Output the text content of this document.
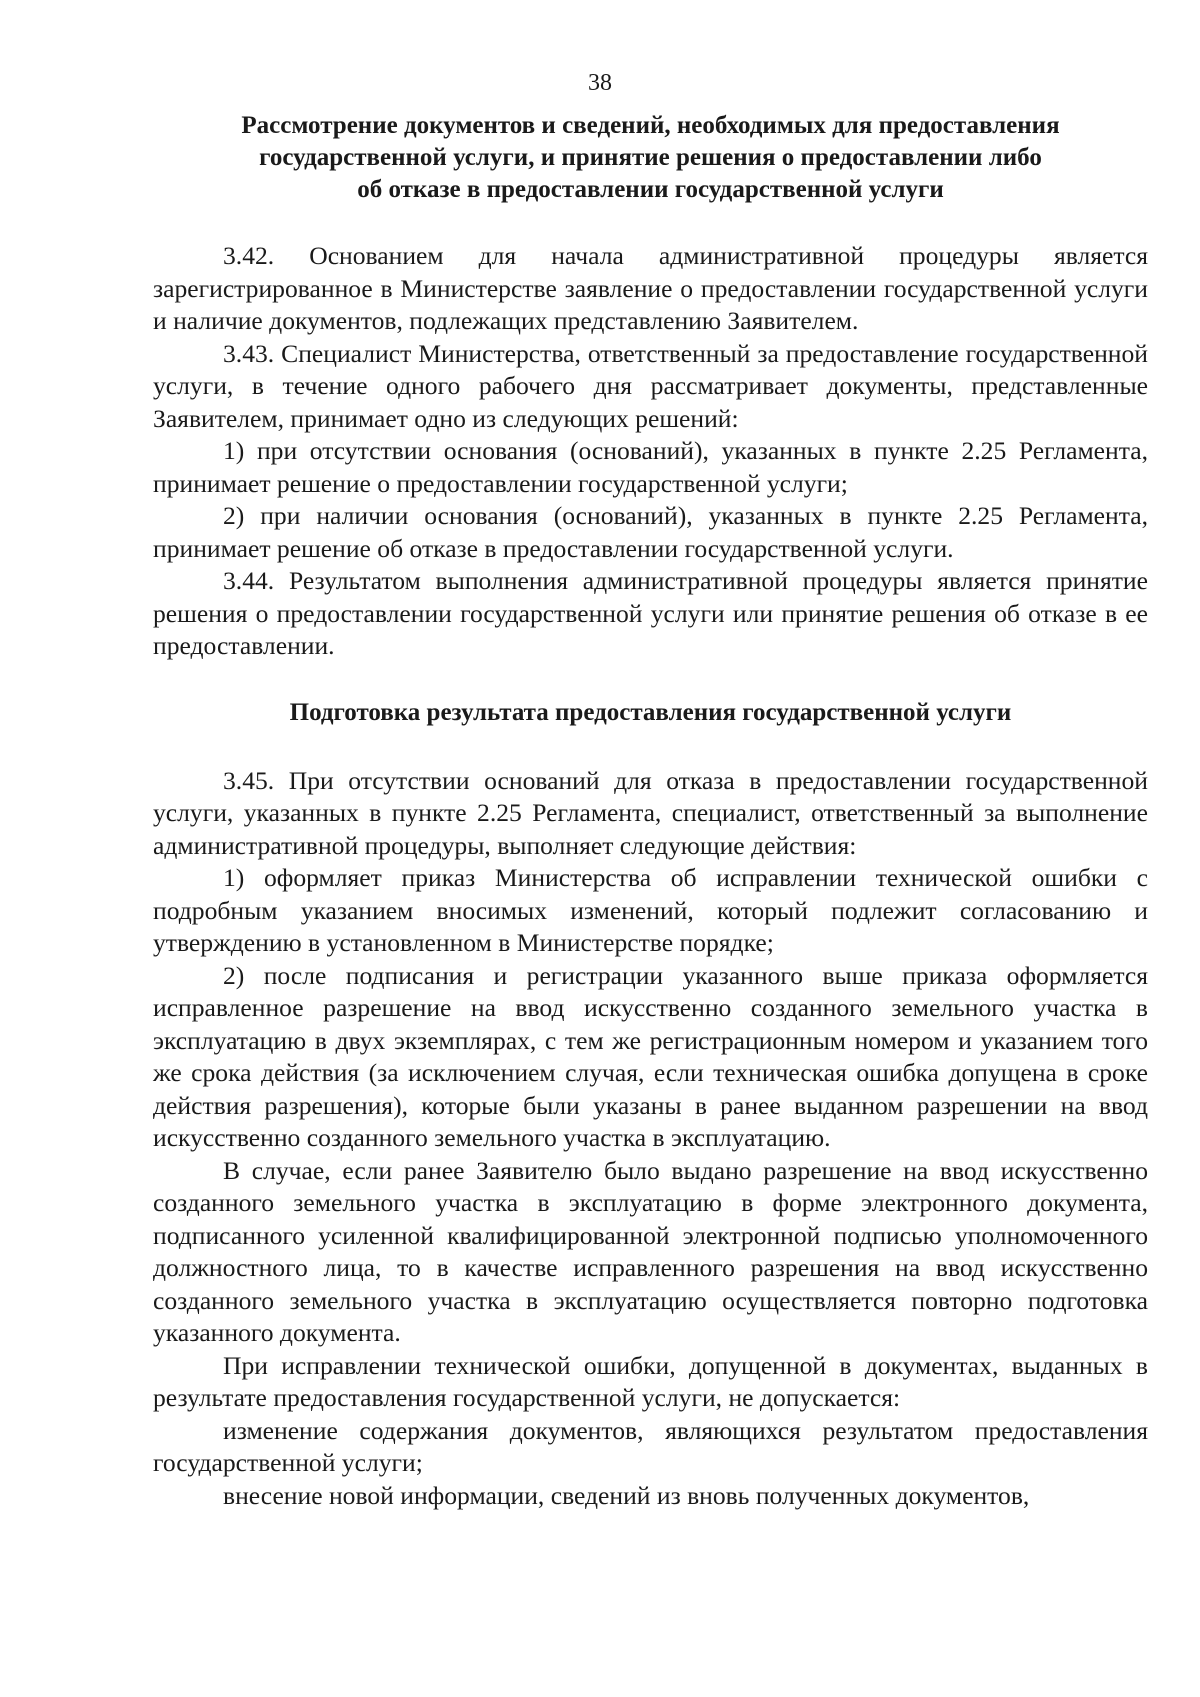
38
Рассмотрение документов и сведений, необходимых для предоставления
государственной услуги, и принятие решения о предоставлении либо
об отказе в предоставлении государственной услуги

3.42. Основанием для начала административной процедуры является зарегистрированное в Министерстве заявление о предоставлении государственной услуги и наличие документов, подлежащих представлению Заявителем.

3.43. Специалист Министерства, ответственный за предоставление государственной услуги, в течение одного рабочего дня рассматривает документы, представленные Заявителем, принимает одно из следующих решений:

1) при отсутствии основания (оснований), указанных в пункте 2.25 Регламента, принимает решение о предоставлении государственной услуги;

2) при наличии основания (оснований), указанных в пункте 2.25 Регламента, принимает решение об отказе в предоставлении государственной услуги.

3.44. Результатом выполнения административной процедуры является принятие решения о предоставлении государственной услуги или принятие решения об отказе в ее предоставлении.

Подготовка результата предоставления государственной услуги

3.45. При отсутствии оснований для отказа в предоставлении государственной услуги, указанных в пункте 2.25 Регламента, специалист, ответственный за выполнение административной процедуры, выполняет следующие действия:

1) оформляет приказ Министерства об исправлении технической ошибки с подробным указанием вносимых изменений, который подлежит согласованию и утверждению в установленном в Министерстве порядке;

2) после подписания и регистрации указанного выше приказа оформляется исправленное разрешение на ввод искусственно созданного земельного участка в эксплуатацию в двух экземплярах, с тем же регистрационным номером и указанием того же срока действия (за исключением случая, если техническая ошибка допущена в сроке действия разрешения), которые были указаны в ранее выданном разрешении на ввод искусственно созданного земельного участка в эксплуатацию.

В случае, если ранее Заявителю было выдано разрешение на ввод искусственно созданного земельного участка в эксплуатацию в форме электронного документа, подписанного усиленной квалифицированной электронной подписью уполномоченного должностного лица, то в качестве исправленного разрешения на ввод искусственно созданного земельного участка в эксплуатацию осуществляется повторно подготовка указанного документа.

При исправлении технической ошибки, допущенной в документах, выданных в результате предоставления государственной услуги, не допускается:

изменение содержания документов, являющихся результатом предоставления государственной услуги;

внесение новой информации, сведений из вновь полученных документов,
